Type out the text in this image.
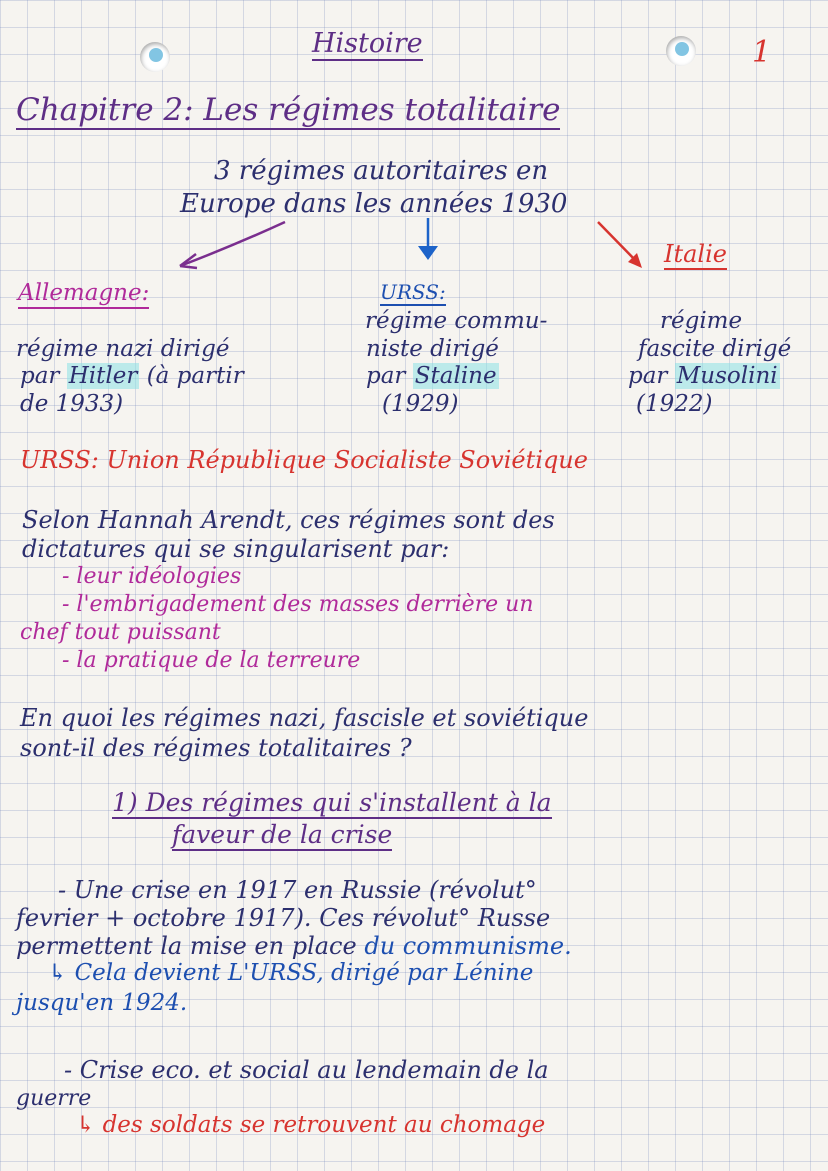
Histoire	1
Chapitre 2: Les régimes totalitaire
3 régimes autoritaires en
Europe dans les années 1930
Allemagne:
régime nazi dirigé
par Hitler (à partir
de 1933)
URSS:
régime commu-
niste dirigé
par Staline
(1929)
Italie
régime
fascite dirigé
par Musolini
(1922)
URSS: Union République Socialiste Soviétique
Selon Hannah Arendt, ces régimes sont des
dictatures qui se singularisent par:
- leur idéologies
- l'embrigadement des masses derrière un
chef tout puissant
- la pratique de la terreure
En quoi les régimes nazi, fascisle et soviétique
sont-il des régimes totalitaires ?
1) Des régimes qui s'installent à la
faveur de la crise
- Une crise en 1917 en Russie (révolut°
fevrier + octobre 1917). Ces révolut° Russe
permettent la mise en place du communisme.
↳ Cela devient L'URSS, dirigé par Lénine
jusqu'en 1924.
- Crise eco. et social au lendemain de la
guerre
↳ des soldats se retrouvent au chomage
